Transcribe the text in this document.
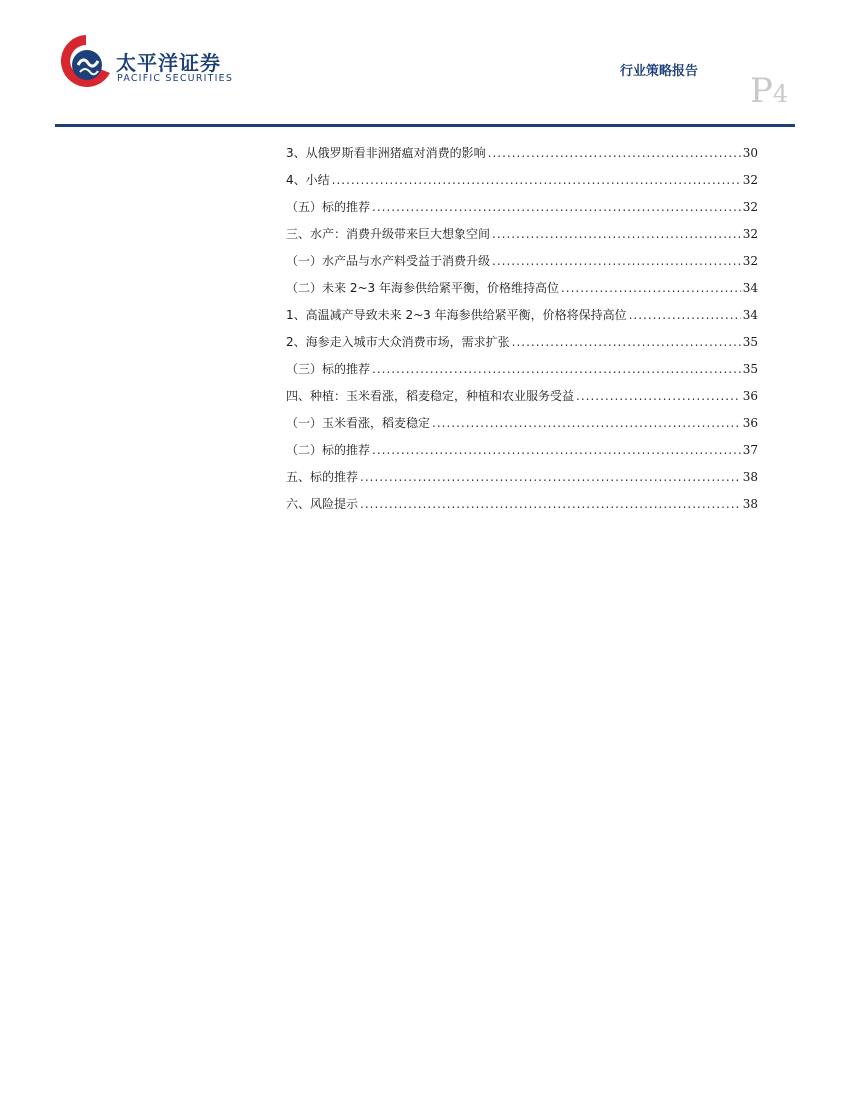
太平洋证券
PACIFIC SECURITIES	行业策略报告 P4
3、从俄罗斯看非洲猪瘟对消费的影响 .....	30
4、小结 .....	32
（五）标的推荐 .....	32
三、水产：消费升级带来巨大想象空间 .....	32
（一）水产品与水产料受益于消费升级 .....	32
（二）未来 2~3 年海参供给紧平衡，价格维持高位 .....	34
1、高温减产导致未来 2~3 年海参供给紧平衡，价格将保持高位 .....	34
2、海参走入城市大众消费市场，需求扩张 .....	35
（三）标的推荐 .....	35
四、种植：玉米看涨，稻麦稳定，种植和农业服务受益 .....	36
（一）玉米看涨，稻麦稳定 .....	36
（二）标的推荐 .....	37
五、标的推荐 .....	38
六、风险提示 .....	38
